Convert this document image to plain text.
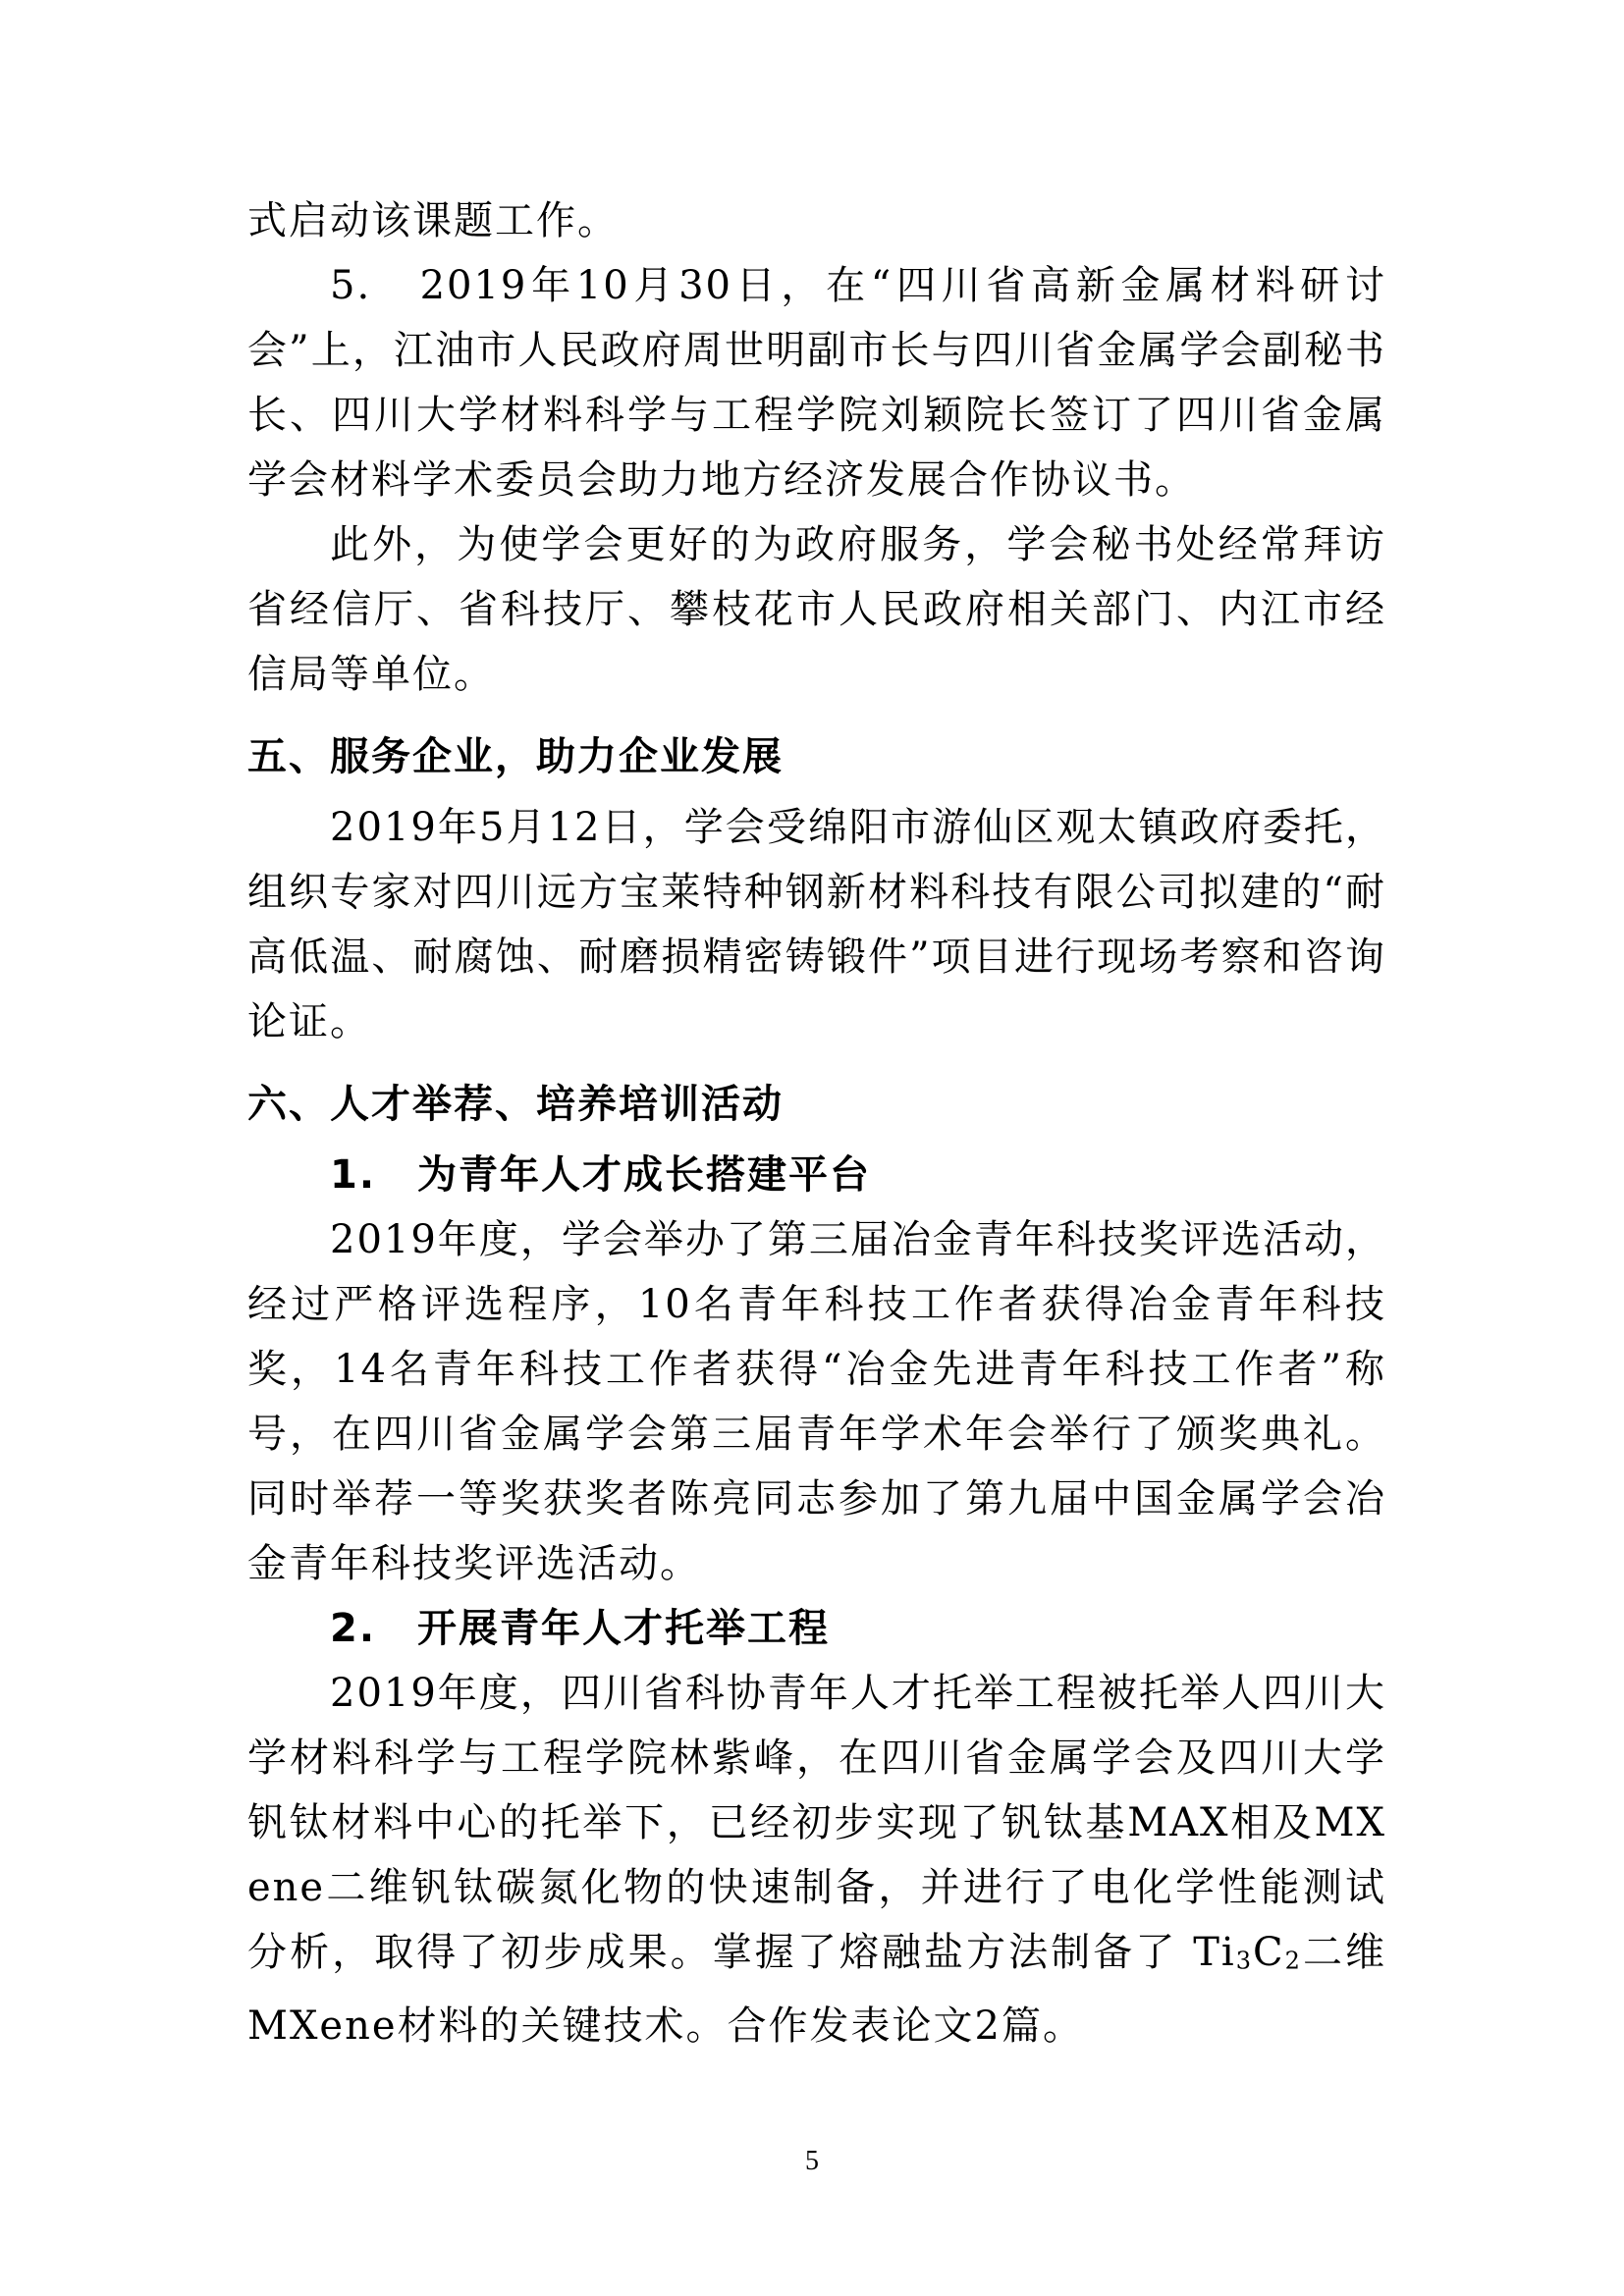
式启动该课题工作。

5.　2019年10月30日，在“四川省高新金属材料研讨会”上，江油市人民政府周世明副市长与四川省金属学会副秘书长、四川大学材料科学与工程学院刘颖院长签订了四川省金属学会材料学术委员会助力地方经济发展合作协议书。

此外，为使学会更好的为政府服务，学会秘书处经常拜访省经信厅、省科技厅、攀枝花市人民政府相关部门、内江市经信局等单位。

五、服务企业，助力企业发展

2019年5月12日，学会受绵阳市游仙区观太镇政府委托，组织专家对四川远方宝莱特种钢新材料科技有限公司拟建的“耐高低温、耐腐蚀、耐磨损精密铸锻件”项目进行现场考察和咨询论证。

六、人才举荐、培养培训活动
1.　为青年人才成长搭建平台

2019年度，学会举办了第三届冶金青年科技奖评选活动，经过严格评选程序，10名青年科技工作者获得冶金青年科技奖，14名青年科技工作者获得“冶金先进青年科技工作者”称号，在四川省金属学会第三届青年学术年会举行了颁奖典礼。同时举荐一等奖获奖者陈亮同志参加了第九届中国金属学会冶金青年科技奖评选活动。

2.　开展青年人才托举工程

2019年度，四川省科协青年人才托举工程被托举人四川大学材料科学与工程学院林紫峰，在四川省金属学会及四川大学钒钛材料中心的托举下，已经初步实现了钒钛基MAX相及MXene二维钒钛碳氮化物的快速制备，并进行了电化学性能测试分析，取得了初步成果。掌握了熔融盐方法制备了 Ti3C2二维MXene材料的关键技术。合作发表论文2篇。

5
